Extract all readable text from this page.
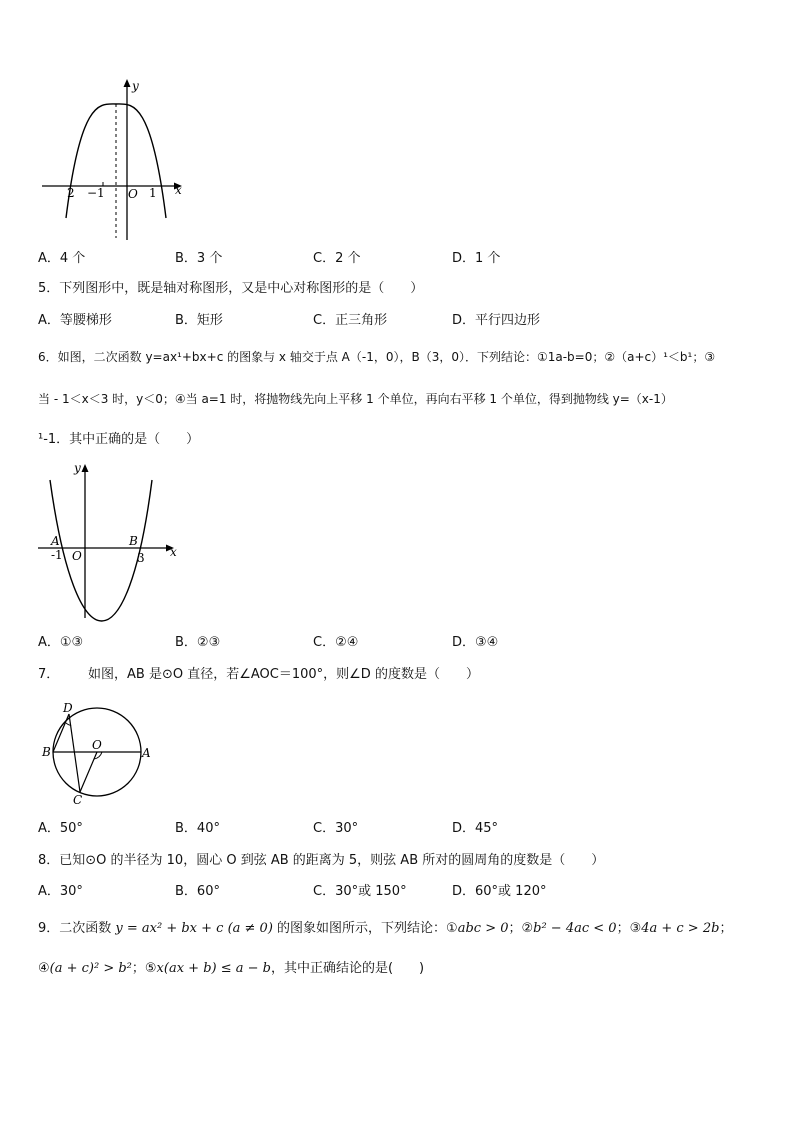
y
x
O
2 −1	1
A．4 个	B．3 个	C．2 个	D．1 个
5．下列图形中，既是轴对称图形，又是中心对称图形的是（　　）
A．等腰梯形	B．矩形	C．正三角形	D．平行四边形
6．如图，二次函数 y=ax¹+bx+c 的图象与 x 轴交于点 A（-1，0），B（3，0）．下列结论：①1a-b=0；②（a+c）¹＜b¹；③
当 - 1＜x＜3 时，y＜0；④当 a=1 时，将抛物线先向上平移 1 个单位，再向右平移 1 个单位，得到抛物线 y=（x-1）
¹-1．其中正确的是（　　）
y
x
A	B
O
-1	3
A．①③	B．②③	C．②④	D．③④
7． 如图，AB 是⊙O 直径，若∠AOC＝100°，则∠D 的度数是（　　）
D
B	O
A
C
A．50°	B．40°	C．30°	D．45°
8．已知⊙O 的半径为 10，圆心 O 到弦 AB 的距离为 5，则弦 AB 所对的圆周角的度数是（　　）
A．30°	B．60°	C．30°或 150°	D．60°或 120°
9．二次函数 y = ax² + bx + c (a ≠ 0) 的图象如图所示，下列结论：①abc > 0；②b² − 4ac < 0；③4a + c > 2b；
④(a + c)² > b²；⑤x(ax + b) ≤ a − b，其中正确结论的是(　　)
